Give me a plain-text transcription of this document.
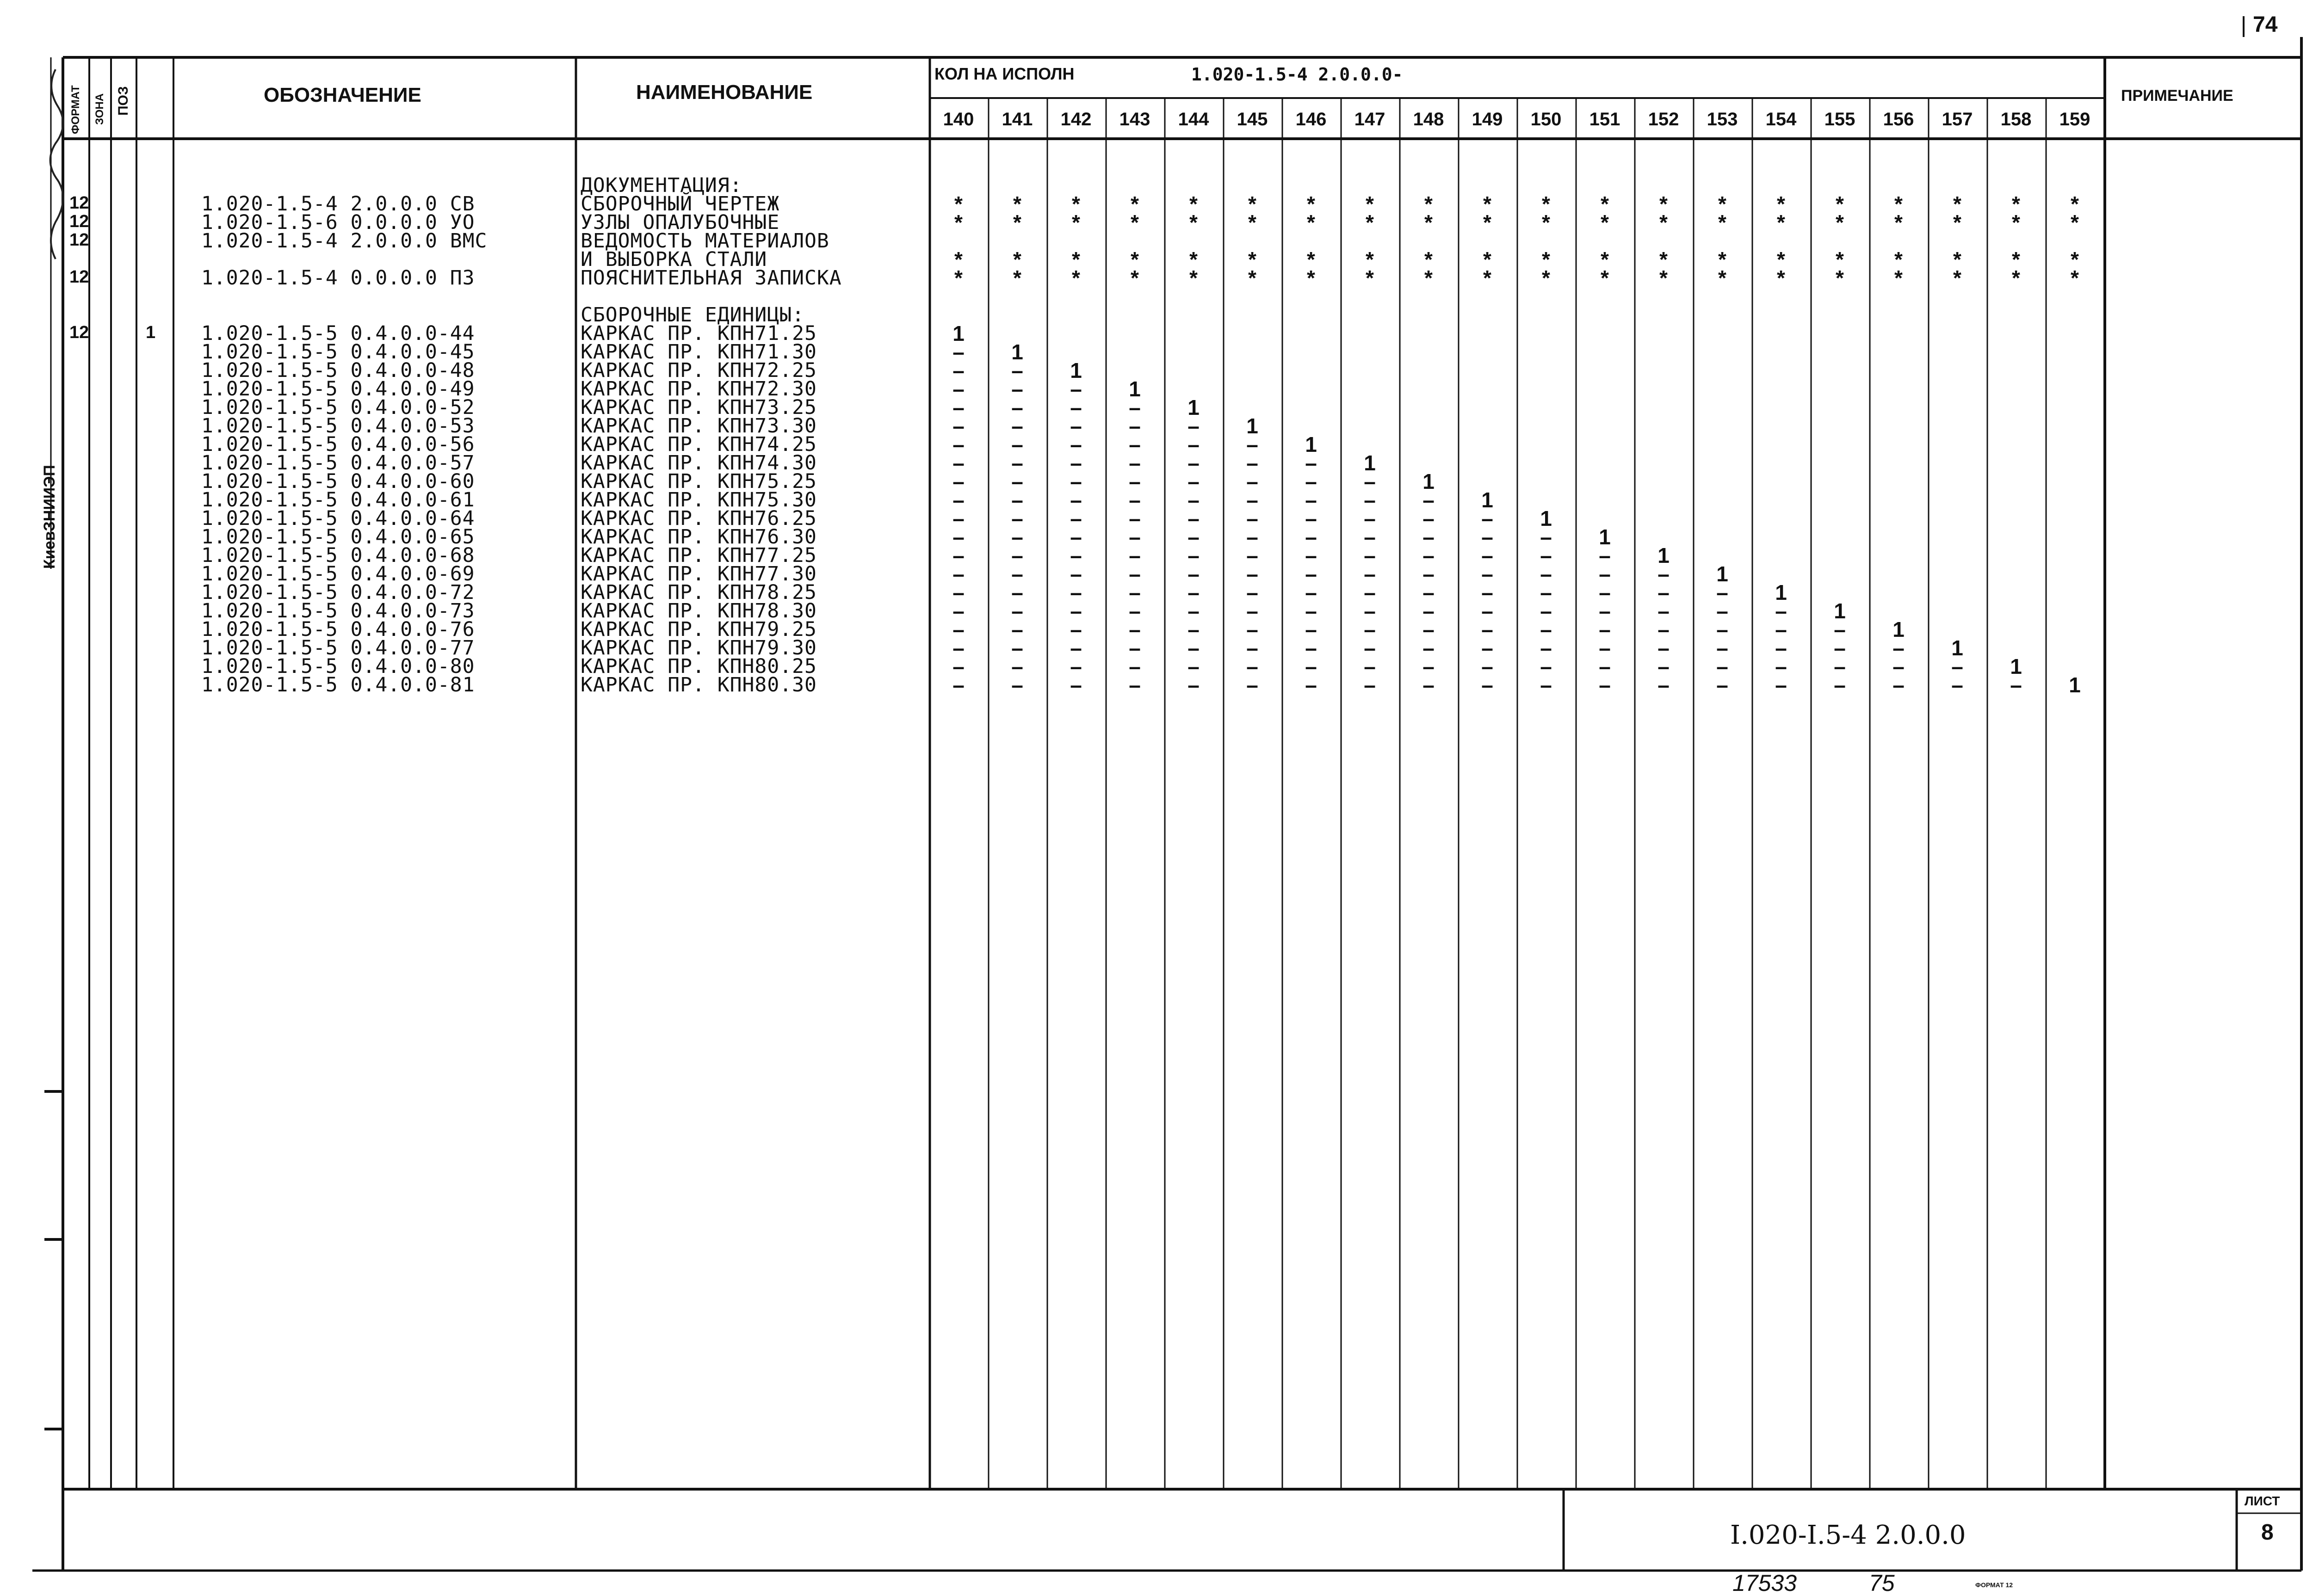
74
КиевЗНИИЭП
ФОРМАТ ЗОНА ПОЗ	ОБОЗНАЧЕНИЕ	НАИМЕНОВАНИЕ
КОЛ НА ИСПОЛН	1.020-1.5-4 2.0.0.0-
ПРИМЕЧАНИЕ
140	141	142	143	144	145	146	147	148	149	150	151	152	153	154	155	156	157	158	159
ДОКУМЕНТАЦИЯ:
12	1.020-1.5-4 2.0.0.0 СВ	СБОРОЧНЫЙ ЧЕРТЕЖ	*	*	*	*	*	*	*	*	*	*	*	*	*	*	*	*	*	*	*	*
12	1.020-1.5-6 0.0.0.0 УО	УЗЛЫ ОПАЛУБОЧНЫЕ	*	*	*	*	*	*	*	*	*	*	*	*	*	*	*	*	*	*	*	*
12	1.020-1.5-4 2.0.0.0 ВМС	ВЕДОМОСТЬ МАТЕРИАЛОВ
И ВЫБОРКА СТАЛИ	*	*	*	*	*	*	*	*	*	*	*	*	*	*	*	*	*	*	*	*
12	1.020-1.5-4 0.0.0.0 ПЗ	ПОЯСНИТЕЛЬНАЯ ЗАПИСКА	*	*	*	*	*	*	*	*	*	*	*	*	*	*	*	*	*	*	*	*
СБОРОЧНЫЕ ЕДИНИЦЫ:
12	1 1.020-1.5-5 0.4.0.0-44	КАРКАС ПР. КПН71.25	1
1.020-1.5-5 0.4.0.0-45	КАРКАС ПР. КПН71.30	–	1
1.020-1.5-5 0.4.0.0-48	КАРКАС ПР. КПН72.25	–	–	1
1.020-1.5-5 0.4.0.0-49	КАРКАС ПР. КПН72.30	–	–	–	1
1.020-1.5-5 0.4.0.0-52	КАРКАС ПР. КПН73.25	–	–	–	–	1
1.020-1.5-5 0.4.0.0-53	КАРКАС ПР. КПН73.30	–	–	–	–	–	1
1.020-1.5-5 0.4.0.0-56	КАРКАС ПР. КПН74.25	–	–	–	–	–	–	1
1.020-1.5-5 0.4.0.0-57	КАРКАС ПР. КПН74.30	–	–	–	–	–	–	–	1
1.020-1.5-5 0.4.0.0-60	КАРКАС ПР. КПН75.25	–	–	–	–	–	–	–	–	1
1.020-1.5-5 0.4.0.0-61	КАРКАС ПР. КПН75.30	–	–	–	–	–	–	–	–	–	1
1.020-1.5-5 0.4.0.0-64	КАРКАС ПР. КПН76.25	–	–	–	–	–	–	–	–	–	–	1
1.020-1.5-5 0.4.0.0-65	КАРКАС ПР. КПН76.30	–	–	–	–	–	–	–	–	–	–	–	1
1.020-1.5-5 0.4.0.0-68	КАРКАС ПР. КПН77.25	–	–	–	–	–	–	–	–	–	–	–	–	1
1.020-1.5-5 0.4.0.0-69	КАРКАС ПР. КПН77.30	–	–	–	–	–	–	–	–	–	–	–	–	–	1
1.020-1.5-5 0.4.0.0-72	КАРКАС ПР. КПН78.25	–	–	–	–	–	–	–	–	–	–	–	–	–	–	1
1.020-1.5-5 0.4.0.0-73	КАРКАС ПР. КПН78.30	–	–	–	–	–	–	–	–	–	–	–	–	–	–	–	1
1.020-1.5-5 0.4.0.0-76	КАРКАС ПР. КПН79.25	–	–	–	–	–	–	–	–	–	–	–	–	–	–	–	–	1
1.020-1.5-5 0.4.0.0-77	КАРКАС ПР. КПН79.30	–	–	–	–	–	–	–	–	–	–	–	–	–	–	–	–	–	1
1.020-1.5-5 0.4.0.0-80	КАРКАС ПР. КПН80.25	–	–	–	–	–	–	–	–	–	–	–	–	–	–	–	–	–	–	1
1.020-1.5-5 0.4.0.0-81	КАРКАС ПР. КПН80.30	–	–	–	–	–	–	–	–	–	–	–	–	–	–	–	–	–	–	–	1
I.020-I.5-4 2.0.0.0
ЛИСТ
8
17533	75	ФОРМАТ 12
